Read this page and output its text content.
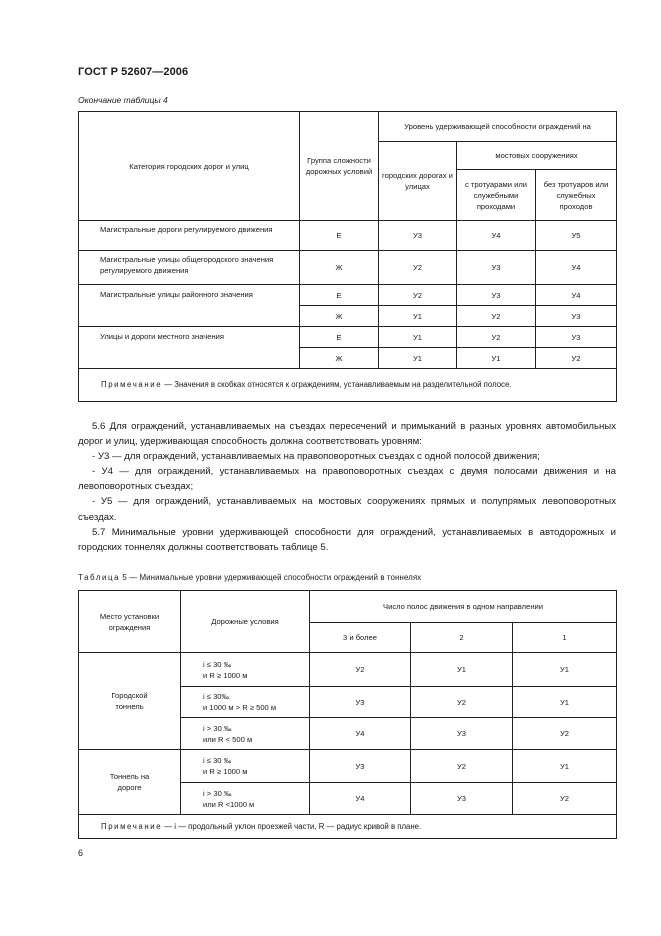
ГОСТ Р 52607—2006
Окончание таблицы 4
Категория городских дорог и улиц	Группа сложности дорожных условий	Уровень удерживающей способности ограждений на		
		городских дорогах и улицах	мостовых сооружениях	
			с тротуарами или служебными проходами	без тротуаров или служебных проходов
Магистральные дороги регулируемого движения	Е	У3	У4	У5
Магистральные улицы общегородского значения регулируемого движения	Ж	У2	У3	У4
Магистральные улицы районного значения	Е	У2	У3	У4
	Ж	У1	У2	У3
Улицы и дороги местного значения	Е	У1	У2	У3
	Ж	У1	У1	У2
Примечание — Значения в скобках относятся к ограждениям, устанавливаемым на разделительной полосе.				

5.6 Для ограждений, устанавливаемых на съездах пересечений и примыканий в разных уровнях автомобильных дорог и улиц, удерживающая способность должна соответствовать уровням:

- У3 — для ограждений, устанавливаемых на правоповоротных съездах с одной полосой движения;

- У4 — для ограждений, устанавливаемых на правоповоротных съездах с двумя полосами движения и на левоповоротных съездах;

- У5 — для ограждений, устанавливаемых на мостовых сооружениях прямых и полупрямых левоповоротных съездах.

5.7 Минимальные уровни удерживающей способности для ограждений, устанавливаемых в автодорожных и городских тоннелях должны соответствовать таблице 5.

Таблица 5 — Минимальные уровни удерживающей способности ограждений в тоннелях
Место установки ограждения	Дорожные условия	Число полос движения в одном направлении		
		3 и более	2	1
Городской тоннель	i ≤ 30 ‰
и R ≥ 1000 м	У2	У1	У1

	i ≤ 30‰
и 1000 м > R ≥ 500 м	У3	У2	У1

	i > 30 ‰
или R < 500 м	У4	У3	У2
Тоннель на дороге	i ≤ 30 ‰
и R ≥ 1000 м	У3	У2	У1

	i > 30 ‰
или R <1000 м	У4	У3	У2
Примечание — i — продольный уклон проезжей части, R — радиус кривой в плане.				
6
